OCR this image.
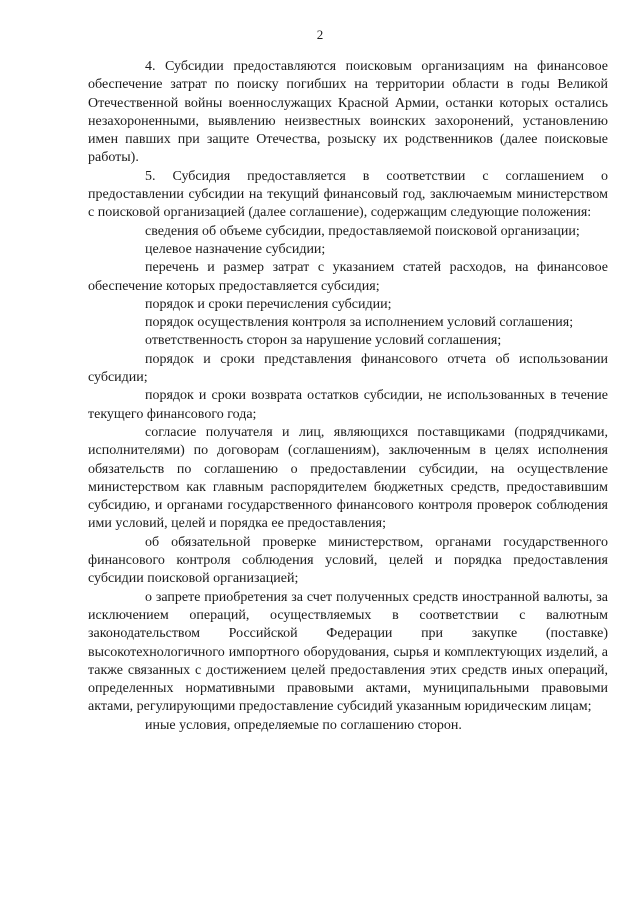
2

4. Субсидии предоставляются поисковым организациям на финансовое обеспечение затрат по поиску погибших на территории области в годы Великой Отечественной войны военнослужащих Красной Армии, останки которых остались незахороненными, выявлению неизвестных воинских захоронений, установлению имен павших при защите Отечества, розыску их родственников (далее поисковые работы).

5. Субсидия предоставляется в соответствии с соглашением о предоставлении субсидии на текущий финансовый год, заключаемым министерством с поисковой организацией (далее соглашение), содержащим следующие положения:

сведения об объеме субсидии, предоставляемой поисковой организации;

целевое назначение субсидии;

перечень и размер затрат с указанием статей расходов, на финансовое обеспечение которых предоставляется субсидия;

порядок и сроки перечисления субсидии;

порядок осуществления контроля за исполнением условий соглашения;

ответственность сторон за нарушение условий соглашения;

порядок и сроки представления финансового отчета об использовании субсидии;

порядок и сроки возврата остатков субсидии, не использованных в течение текущего финансового года;

согласие получателя и лиц, являющихся поставщиками (подрядчиками, исполнителями) по договорам (соглашениям), заключенным в целях исполнения обязательств по соглашению о предоставлении субсидии, на осуществление министерством как главным распорядителем бюджетных средств, предоставившим субсидию, и органами государственного финансового контроля проверок соблюдения ими условий, целей и порядка ее предоставления;

об обязательной проверке министерством, органами государственного финансового контроля соблюдения условий, целей и порядка предоставления субсидии поисковой организацией;

о запрете приобретения за счет полученных средств иностранной валюты, за исключением операций, осуществляемых в соответствии с валютным законодательством Российской Федерации при закупке (поставке) высокотехнологичного импортного оборудования, сырья и комплектующих изделий, а также связанных с достижением целей предоставления этих средств иных операций, определенных нормативными правовыми актами, муниципальными правовыми актами, регулирующими предоставление субсидий указанным юридическим лицам;

иные условия, определяемые по соглашению сторон.
